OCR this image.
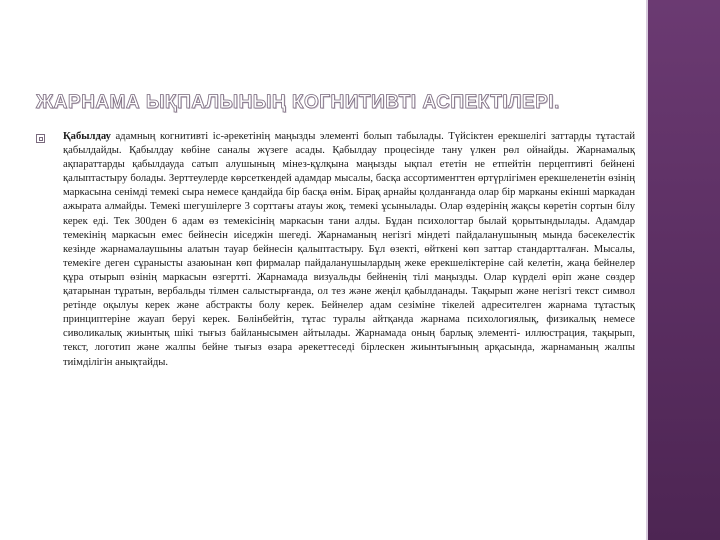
ЖАРНАМА ЫҚПАЛЫНЫҢ КОГНИТИВТІ АСПЕКТІЛЕРІ.
Қабылдау адамның когнитивті іс-әрекетінің маңызды элементі болып табылады. Түйсіктен ерекшелігі заттарды тұтастай қабылдайды. Қабылдау көбіне саналы жүзеге асады. Қабылдау процесінде тану үлкен рөл ойнайды. Жарнамалық ақпараттарды қабылдауда сатып алушының мінез-құлқына маңызды ықпал ететін не етпейтін перцептивті бейнені қалыптастыру болады. Зерттеулерде көрсеткендей адамдар мысалы, басқа ассортименттен өртүрлігімен ерекшеленетін өзінің маркасына сенімді темекі сыра немесе қандайда бір басқа өнім. Бірақ арнайы қолданғанда олар бір марканы екінші маркадан ажырата алмайды. Темекі шегушілерге 3 сорттағы атауы жоқ, темекі ұсынылады. Олар өздерінің жақсы көретін сортын білу керек еді. Тек 300ден 6 адам өз темекісінің маркасын тани алды. Бұдан психологтар былай қорытындылады. Адамдар темекінің маркасын емес бейнесін иіседжін шегеді. Жарнаманың негізгі міндеті пайдаланушының мында бәсекелестік кезінде жарнамалаушыны алатын тауар бейнесін қалыптастыру. Бұл өзекті, өйткені көп заттар стандартталған. Мысалы, темекіге деген сұранысты азаюынан көп фирмалар пайдаланушылардың жеке ерекшеліктеріне сай келетін, жаңа бейнелер құра отырып өзінің маркасын өзгертті. Жарнамада визуальды бейненің тілі маңызды. Олар күрделі өріп және сөздер қатарынан тұратын, вербальды тілмен салыстырғанда, ол тез және жеңіл қабылданады. Тақырып және негізгі текст символ ретінде оқылуы керек және абстракты болу керек. Бейнелер адам сезіміне тікелей адресителген жарнама тұтастық принциптеріне жауап беруі керек. Бөлінбейтін, тұтас туралы айтқанда жарнама психологиялық, физикалық немесе сиволикалық жиынтық шікі тығыз байланысымен айтылады. Жарнамада оның барлық элементі- иллюстрация, тақырып, текст, логотип және жалпы бейне тығыз өзара әрекеттеседі бірлескен жиынтығының арқасында, жарнаманың жалпы тиімділігін анықтайды.
